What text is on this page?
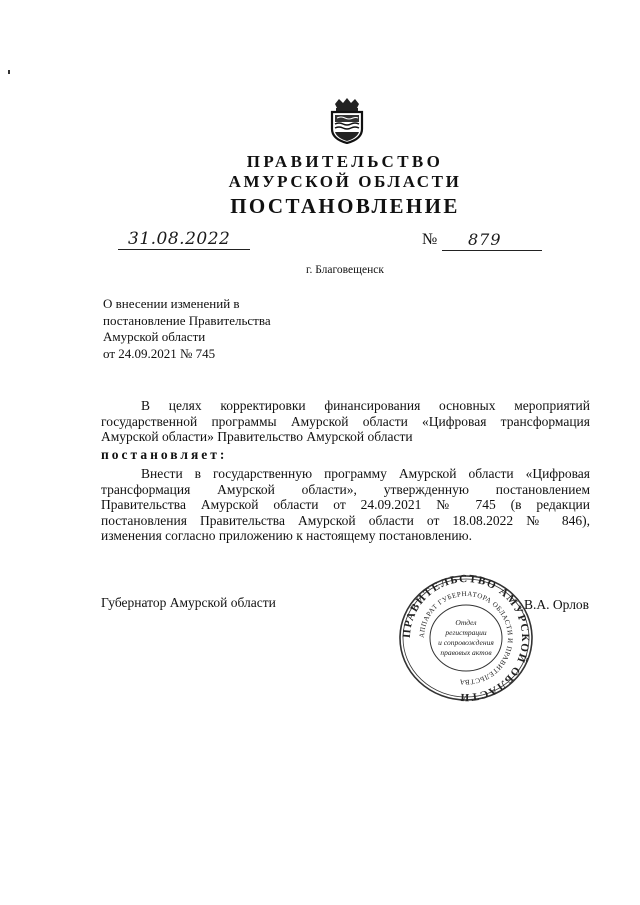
ПРАВИТЕЛЬСТВО
АМУРСКОЙ ОБЛАСТИ
ПОСТАНОВЛЕНИЕ
31.08.2022	№ 879
г. Благовещенск
О внесении изменений в
постановление Правительства
Амурской области
от 24.09.2021 № 745
В целях корректировки финансирования основных мероприятий
государственной программы Амурской области «Цифровая трансформация
Амурской области» Правительство Амурской области
постановляет:
Внести в государственную программу Амурской области «Цифровая
трансформация Амурской области», утвержденную постановлением
Правительства Амурской области от 24.09.2021 № 745 (в редакции
постановления Правительства Амурской области от 18.08.2022 № 846),
изменения согласно приложению к настоящему постановлению.
Губернатор Амурской области
ПРАВИТЕЛЬСТВО АМУРСКОЙ ОБЛАСТИ
АППАРАТ ГУБЕРНАТОРА ОБЛАСТИ И ПРАВИТЕЛЬСТВА
Отдел
регистрации
и сопровождения
правовых актов
В.А. Орлов
